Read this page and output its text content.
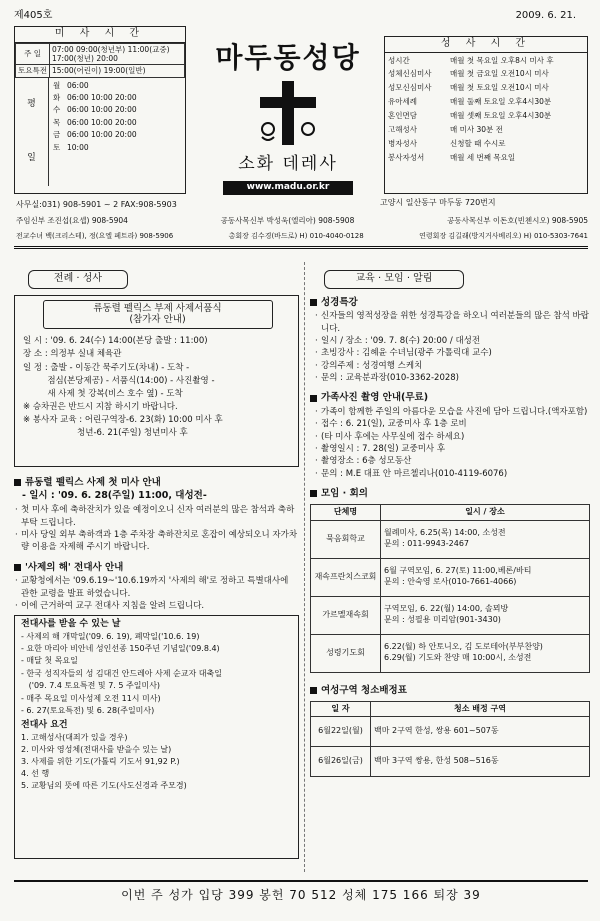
제405호	2009. 6. 21.
미 사 시 간
주 일	07:00 09:00(청년부) 11:00(교중)
17:00(청년) 20:00

토요특전	15:00(어린이) 19:00(일반)
평
일
월 06:00
화 06:00 10:00 20:00
수 06:00 10:00 20:00
목 06:00 10:00 20:00
금 06:00 10:00 20:00
토 10:00
마두동성당
소화 데레사
www.madu.or.kr
성 사 시 간
성시간	매월 첫 목요일 오후8시 미사 후
성체신심미사	매월 첫 금요일 오전10시 미사
성모신심미사	매월 첫 토요일 오전10시 미사
유아세례	매월 둘째 토요일 오후4시30분
혼인면담	매월 셋째 토요일 오후4시30분
고해성사	매 미사 30분 전
병자성사	신청할 때 수시로
봉사자성서	매월 세 번째 목요일
고양시 일산동구 마두동 720번지
사무실:031) 908-5901 ~ 2 FAX:908-5903
주임신부 조진섭(요셉) 908-5904	공동사목신부 박성욱(엘리아) 908-5908	공동사목신부 이돈호(빈첸시오) 908-5905
전교수녀 백(크리스테), 정(요엘 페트라) 908-5906	총회장 김수경(바드로) H) 010-4040-0128	연령회장 김길래(방지거사베리오) H) 010-5303-7641
전례 · 성사
류동렬 펠릭스 부제 사제서품식
(참가자 안내)
일 시 : '09. 6. 24(수) 14:00(본당 출발 : 11:00)
장 소 : 의정부 실내 체육관
일 정 : 출발 - 이동간 묵주기도(차내) - 도착 -
점심(본당제공) - 서품식(14:00) - 사진촬영 -
새 사제 첫 강복(비스 호수 옆) - 도착
※ 승차권은 반드시 지참 하시기 바랍니다.
※ 봉사자 교육 : 어린구역장-6. 23(화) 10:00 미사 후
청년-6. 21(주일) 청년미사 후
류동렬 펠릭스 사제 첫 미사 안내
- 일시 : '09. 6. 28(주일) 11:00, 대성전-
· 첫 미사 후에 축하잔치가 있을 예정이오니 신자 여러분의 많은 참석과 축하 부탁 드립니다.
· 미사 당일 외부 축하객과 1층 주차장 축하잔치로 혼잡이 예상되오니 자가차량 이용을 자제해 주시기 바랍니다.
'사제의 해' 전대사 안내
· 교황청에서는 '09.6.19~'10.6.19까지 '사제의 해'로 정하고 특별대사에 관한 교령을 발표 하였습니다.
· 이에 근거하여 교구 전대사 지침을 알려 드립니다.
전대사를 받을 수 있는 날
- 사제의 해 개막일('09. 6. 19), 폐막일('10.6. 19)
- 요한 마리아 비안네 성인선종 150주년 기념일('09.8.4)
- 매달 첫 목요일
- 한국 성직자들의 성 김대건 안드레아 사제 순교자 대축일
('09. 7.4 토요특전 및 7. 5 주일미사)
- 매주 목요일 미사성제 오전 11시 미사)
- 6. 27(토요특전) 및 6. 28(주일미사)
전대사 요건
1. 고해성사(대죄가 있을 경우)
2. 미사와 영성체(전대사를 받을수 있는 날)
3. 사제를 위한 기도(가톨릭 기도서 91,92 P.)
4. 선 행
5. 교황님의 뜻에 따른 기도(사도신경과 주모경)
교육 · 모임 · 알림
성경특강
· 신자들의 영적성장을 위한 성경특강을 하오니 여러분들의 많은 참석 바랍니다.
· 일시 / 장소 : '09. 7. 8(수) 20:00 / 대성전
· 초빙강사 : 김혜윤 수녀님(광주 가톨릭대 교수)
· 강의주제 : 성경여행 스케치
· 문의 : 교육분과장(010-3362-2028)
가족사진 촬영 안내(무료)
· 가족이 함께한 주일의 아름다운 모습을 사진에 담아 드립니다.(액자포함)
· 접수 : 6. 21(일), 교중미사 후 1층 로비
· (타 미사 후에는 사무실에 접수 하세요)
· 촬영일시 : 7. 28(일) 교중미사 후
· 촬영장소 : 6층 성모동산
· 문의 : M.E 대표 안 마르첼리나(010-4119-6076)
모임 · 회의
단체명	일시 / 장소
묵음회학교	월례미사, 6.25(목) 14:00, 소성전
문의 : 011-9943-2467

재속프란치스코회	6월 구역모임, 6. 27(토) 11:00,베론/바티
문의 : 안숙영 로사(010-7661-4066)

가르멜재속회	구역모임, 6. 22(월) 14:00, 솔뫼방
문의 : 성필용 미리암(901-3430)

성령기도회	6.22(월) 하 안토니오, 김 도로테아(부부찬양)
6.29(월) 기도와 찬양 매 10:00시, 소성전
여성구역 청소배정표
일 자	청소 배정 구역
6월22일(월)	백마 2구역 한성, 쌍용 601~507동
6월26일(금)	백마 3구역 쌍용, 한성 508~516동
이번 주 성가 입당 399 봉헌 70 512 성체 175 166 퇴장 39
